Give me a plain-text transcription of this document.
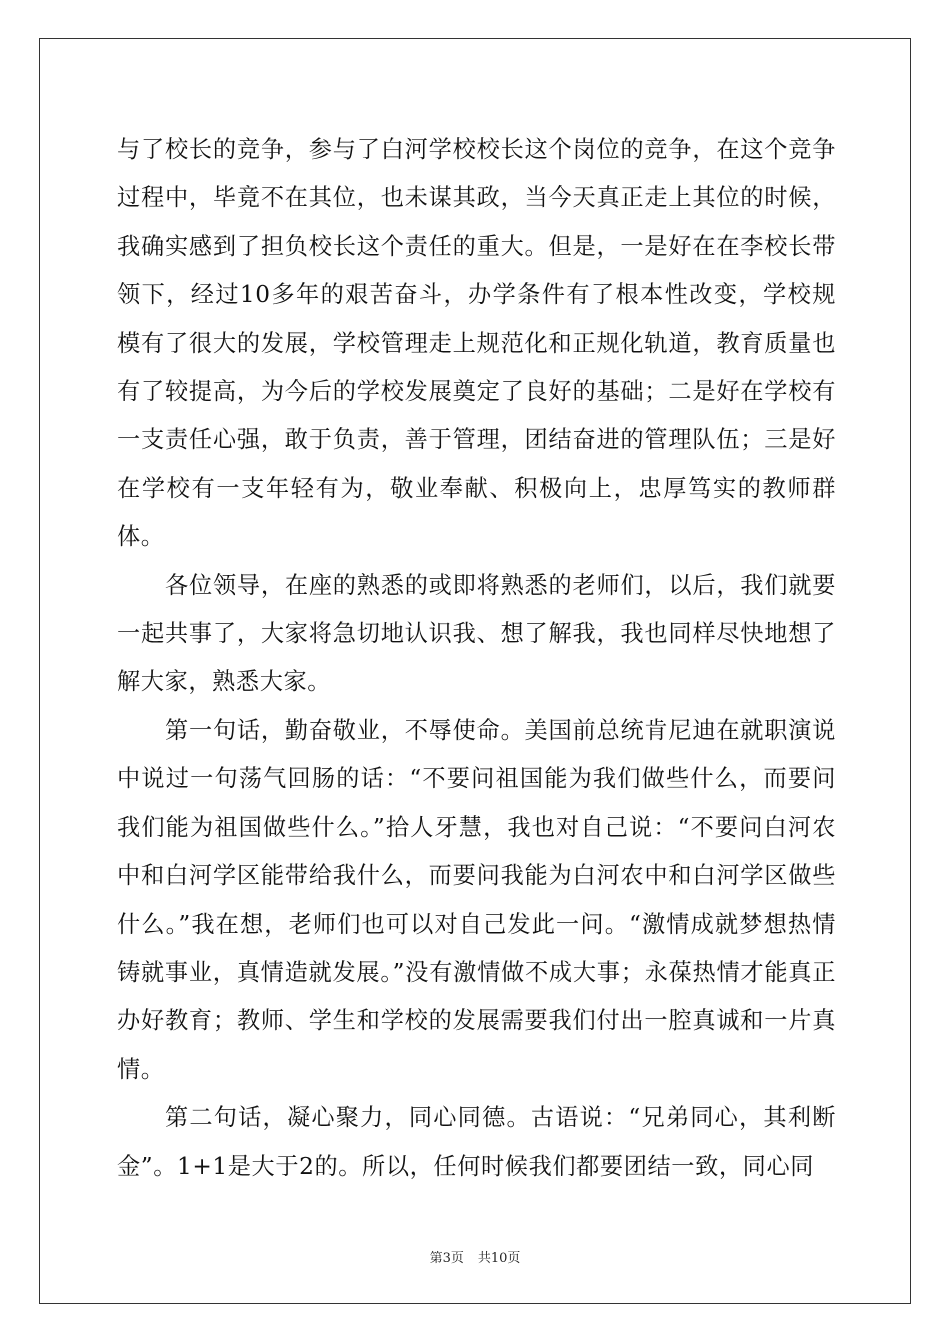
与了校长的竞争，参与了白河学校校长这个岗位的竞争，在这个竞争过程中，毕竟不在其位，也未谋其政，当今天真正走上其位的时候，我确实感到了担负校长这个责任的重大。但是，一是好在在李校长带领下，经过10多年的艰苦奋斗，办学条件有了根本性改变，学校规模有了很大的发展，学校管理走上规范化和正规化轨道，教育质量也有了较提高，为今后的学校发展奠定了良好的基础；二是好在学校有一支责任心强，敢于负责，善于管理，团结奋进的管理队伍；三是好在学校有一支年轻有为，敬业奉献、积极向上，忠厚笃实的教师群体。

各位领导，在座的熟悉的或即将熟悉的老师们，以后，我们就要一起共事了，大家将急切地认识我、想了解我，我也同样尽快地想了解大家，熟悉大家。

第一句话，勤奋敬业，不辱使命。美国前总统肯尼迪在就职演说中说过一句荡气回肠的话：“不要问祖国能为我们做些什么，而要问我们能为祖国做些什么。”拾人牙慧，我也对自己说：“不要问白河农中和白河学区能带给我什么，而要问我能为白河农中和白河学区做些什么。”我在想，老师们也可以对自己发此一问。“激情成就梦想热情铸就事业，真情造就发展。”没有激情做不成大事；永葆热情才能真正办好教育；教师、学生和学校的发展需要我们付出一腔真诚和一片真情。

第二句话，凝心聚力，同心同德。古语说：“兄弟同心，其利断金”。1+1是大于2的。所以，任何时候我们都要团结一致，同心同

第3页 共10页
